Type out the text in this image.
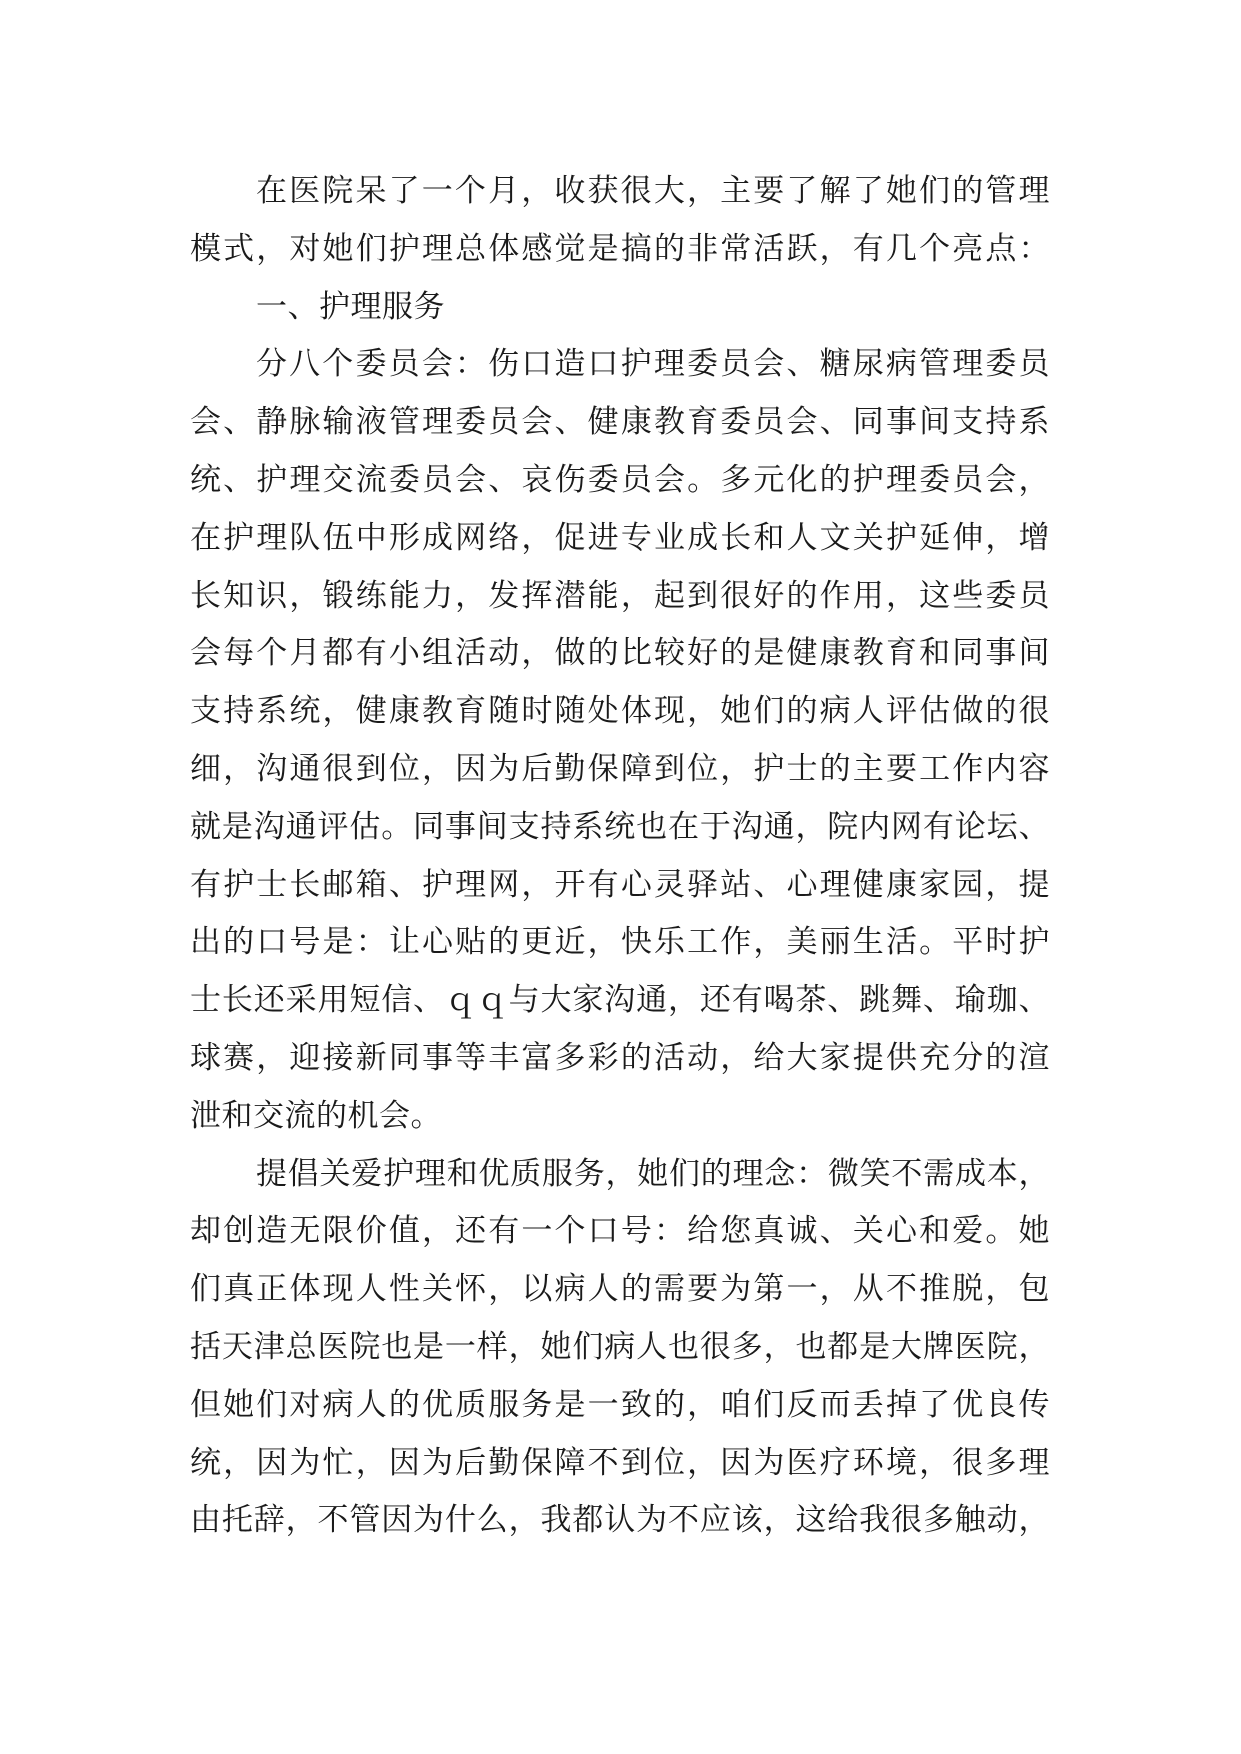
在医院呆了一个月，收获很大，主要了解了她们的管理
模式，对她们护理总体感觉是搞的非常活跃，有几个亮点：
一、护理服务
分八个委员会：伤口造口护理委员会、糖尿病管理委员
会、静脉输液管理委员会、健康教育委员会、同事间支持系
统、护理交流委员会、哀伤委员会。多元化的护理委员会，
在护理队伍中形成网络，促进专业成长和人文关护延伸，增
长知识，锻练能力，发挥潜能，起到很好的作用，这些委员
会每个月都有小组活动，做的比较好的是健康教育和同事间
支持系统，健康教育随时随处体现，她们的病人评估做的很
细，沟通很到位，因为后勤保障到位，护士的主要工作内容
就是沟通评估。同事间支持系统也在于沟通，院内网有论坛、
有护士长邮箱、护理网，开有心灵驿站、心理健康家园，提
出的口号是：让心贴的更近，快乐工作，美丽生活。平时护
士长还采用短信、ｑｑ与大家沟通，还有喝茶、跳舞、瑜珈、
球赛，迎接新同事等丰富多彩的活动，给大家提供充分的渲
泄和交流的机会。
提倡关爱护理和优质服务，她们的理念：微笑不需成本，
却创造无限价值，还有一个口号：给您真诚、关心和爱。她
们真正体现人性关怀，以病人的需要为第一，从不推脱，包
括天津总医院也是一样，她们病人也很多，也都是大牌医院，
但她们对病人的优质服务是一致的，咱们反而丢掉了优良传
统，因为忙，因为后勤保障不到位，因为医疗环境，很多理
由托辞，不管因为什么，我都认为不应该，这给我很多触动，
